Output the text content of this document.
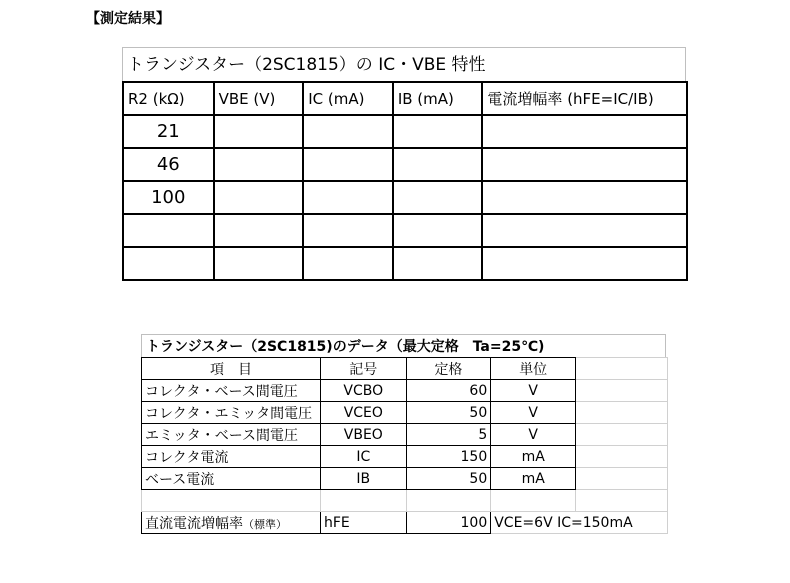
【測定結果】
トランジスター（2SC1815）の IC・VBE 特性
R2 (kΩ)	VBE (V)	IC (mA)	IB (mA)	電流増幅率 (hFE=IC/IB)
21				
46				
100				

トランジスター（2SC1815)のデータ（最大定格　Ta=25℃)
項　目	記号	定格	単位	
コレクタ・ベース間電圧	VCBO	60	V	
コレクタ・エミッタ間電圧	VCEO	50	V	
エミッタ・ベース間電圧	VBEO	5	V	
コレクタ電流	IC	150	mA	
ベース電流	IB	50	mA	

直流電流増幅率（標準）	hFE	100	VCE=6V IC=150mA	
